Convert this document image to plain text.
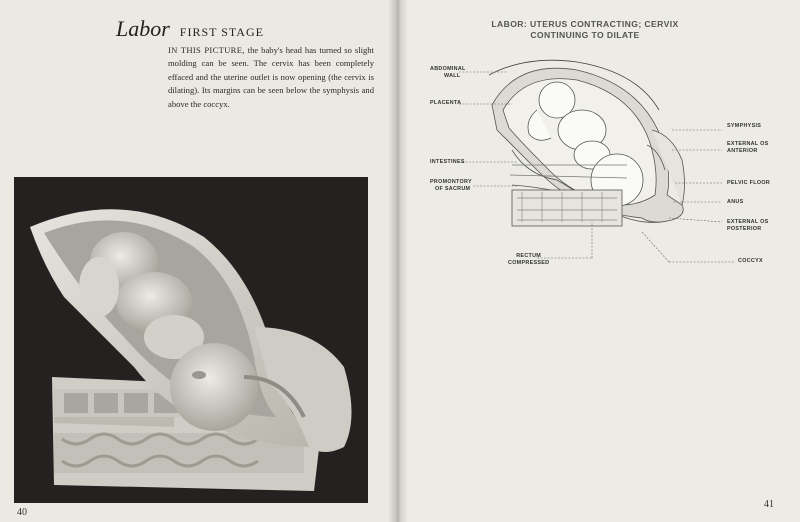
Labor FIRST STAGE

IN THIS PICTURE, the baby's head has turned so slight molding can be seen. The cervix has been completely effaced and the uterine outlet is now opening (the cervix is dilating). Its margins can be seen below the symphysis and above the coccyx.

40
LABOR: UTERUS CONTRACTING; CERVIX
CONTINUING TO DILATE
ABDOMINAL
WALL
PLACENTA
INTESTINES
PROMONTORY
OF SACRUM
RECTUM
COMPRESSED
SYMPHYSIS
EXTERNAL OS
ANTERIOR
PELVIC FLOOR
ANUS
EXTERNAL OS
POSTERIOR
COCCYX
41
